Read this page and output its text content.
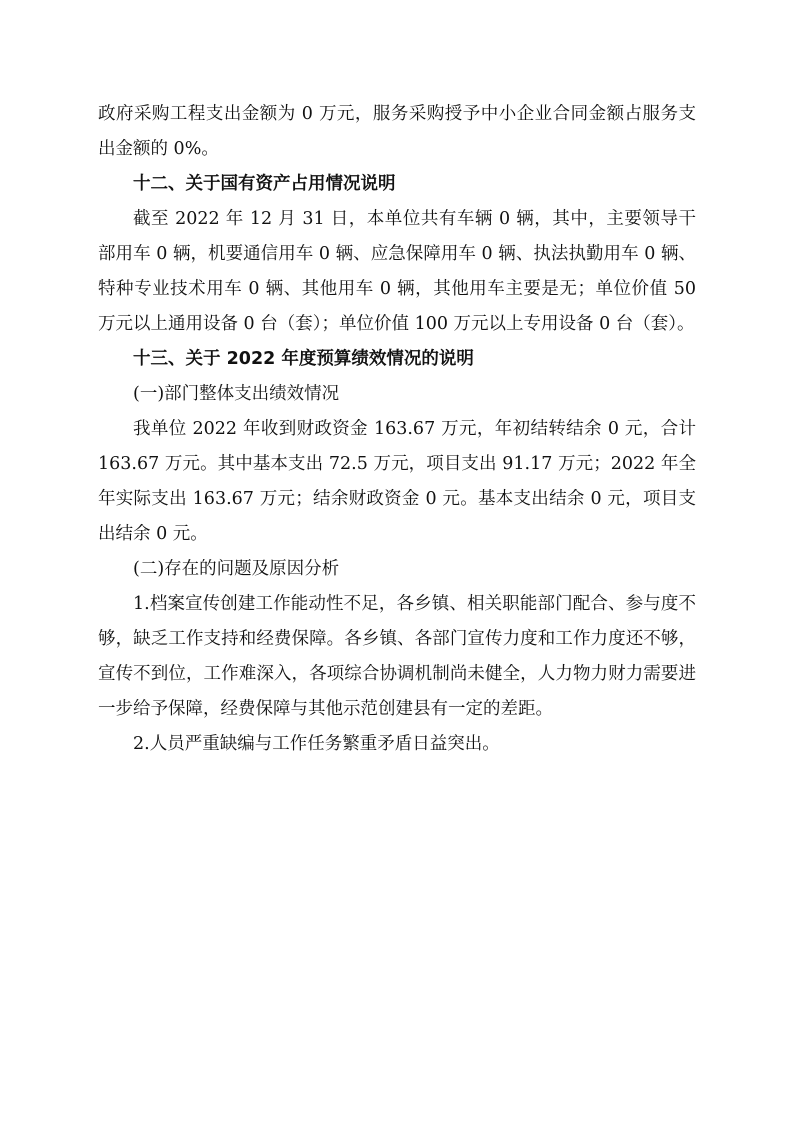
政府采购工程支出金额为 0 万元，服务采购授予中小企业合同金额占服务支出金额的 0%。

十二、关于国有资产占用情况说明

截至 2022 年 12 月 31 日，本单位共有车辆 0 辆，其中，主要领导干部用车 0 辆，机要通信用车 0 辆、应急保障用车 0 辆、执法执勤用车 0 辆、特种专业技术用车 0 辆、其他用车 0 辆，其他用车主要是无；单位价值 50 万元以上通用设备 0 台（套）；单位价值 100 万元以上专用设备 0 台（套）。

十三、关于 2022 年度预算绩效情况的说明

(一)部门整体支出绩效情况

我单位 2022 年收到财政资金 163.67 万元，年初结转结余 0 元，合计 163.67 万元。其中基本支出 72.5 万元，项目支出 91.17 万元；2022 年全年实际支出 163.67 万元；结余财政资金 0 元。基本支出结余 0 元，项目支出结余 0 元。

(二)存在的问题及原因分析

1.档案宣传创建工作能动性不足，各乡镇、相关职能部门配合、参与度不够，缺乏工作支持和经费保障。各乡镇、各部门宣传力度和工作力度还不够，宣传不到位，工作难深入，各项综合协调机制尚未健全，人力物力财力需要进一步给予保障，经费保障与其他示范创建县有一定的差距。

2.人员严重缺编与工作任务繁重矛盾日益突出。
